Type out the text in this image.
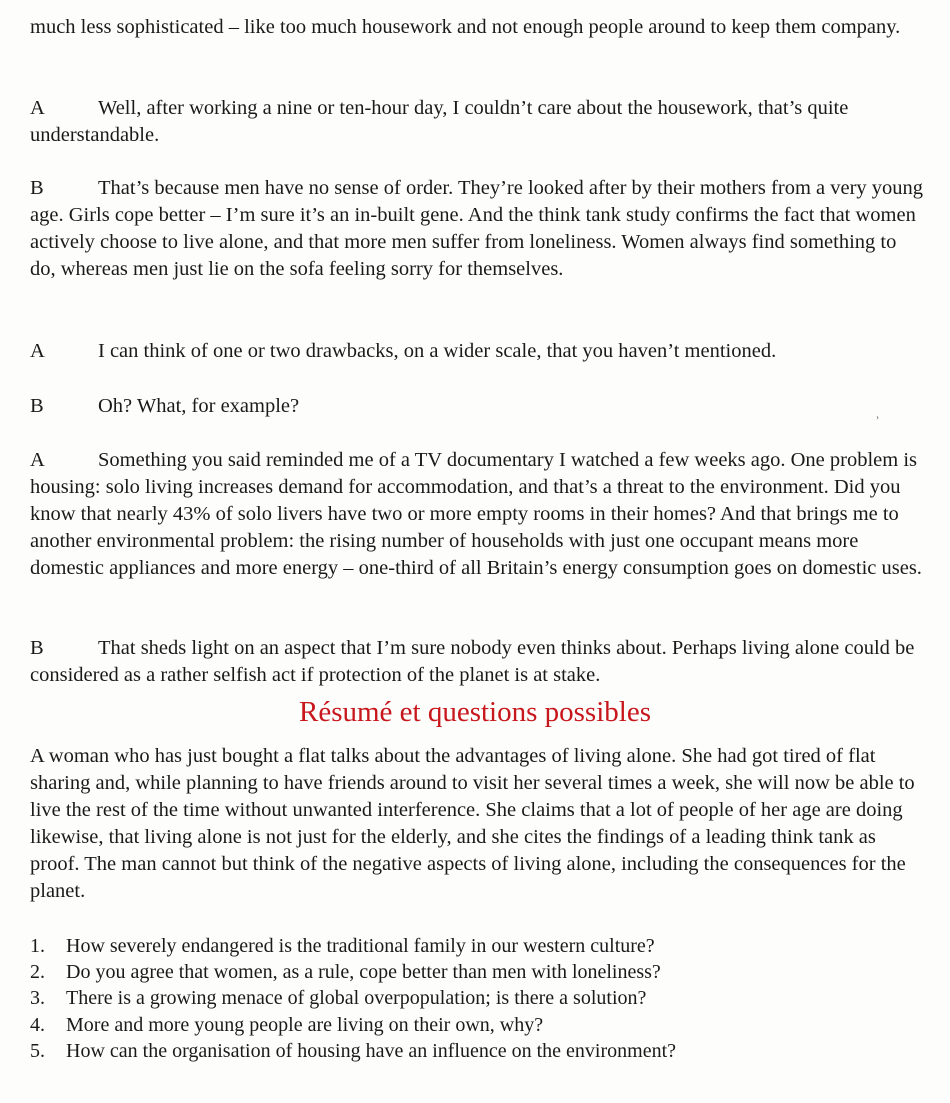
much less sophisticated – like too much housework and not enough people around to keep them company.

A	Well, after working a nine or ten-hour day, I couldn’t care about the housework, that’s quite understandable.

B	That’s because men have no sense of order. They’re looked after by their mothers from a very young age. Girls cope better – I’m sure it’s an in-built gene. And the think tank study confirms the fact that women actively choose to live alone, and that more men suffer from loneliness. Women always find something to do, whereas men just lie on the sofa feeling sorry for themselves.

A	I can think of one or two drawbacks, on a wider scale, that you haven’t mentioned.

B	Oh? What, for example?	›

A	Something you said reminded me of a TV documentary I watched a few weeks ago. One problem is housing: solo living increases demand for accommodation, and that’s a threat to the environment. Did you know that nearly 43% of solo livers have two or more empty rooms in their homes? And that brings me to another environmental problem: the rising number of households with just one occupant means more domestic appliances and more energy – one-third of all Britain’s energy consumption goes on domestic uses.

B	That sheds light on an aspect that I’m sure nobody even thinks about. Perhaps living alone could be considered as a rather selfish act if protection of the planet is at stake.

Résumé et questions possibles

A woman who has just bought a flat talks about the advantages of living alone. She had got tired of flat sharing and, while planning to have friends around to visit her several times a week, she will now be able to live the rest of the time without unwanted interference. She claims that a lot of people of her age are doing likewise, that living alone is not just for the elderly, and she cites the findings of a leading think tank as proof. The man cannot but think of the negative aspects of living alone, including the consequences for the planet.

1.	How severely endangered is the traditional family in our western culture?
2.	Do you agree that women, as a rule, cope better than men with loneliness?
3.	There is a growing menace of global overpopulation; is there a solution?
4.	More and more young people are living on their own, why?
5.	How can the organisation of housing have an influence on the environment?
